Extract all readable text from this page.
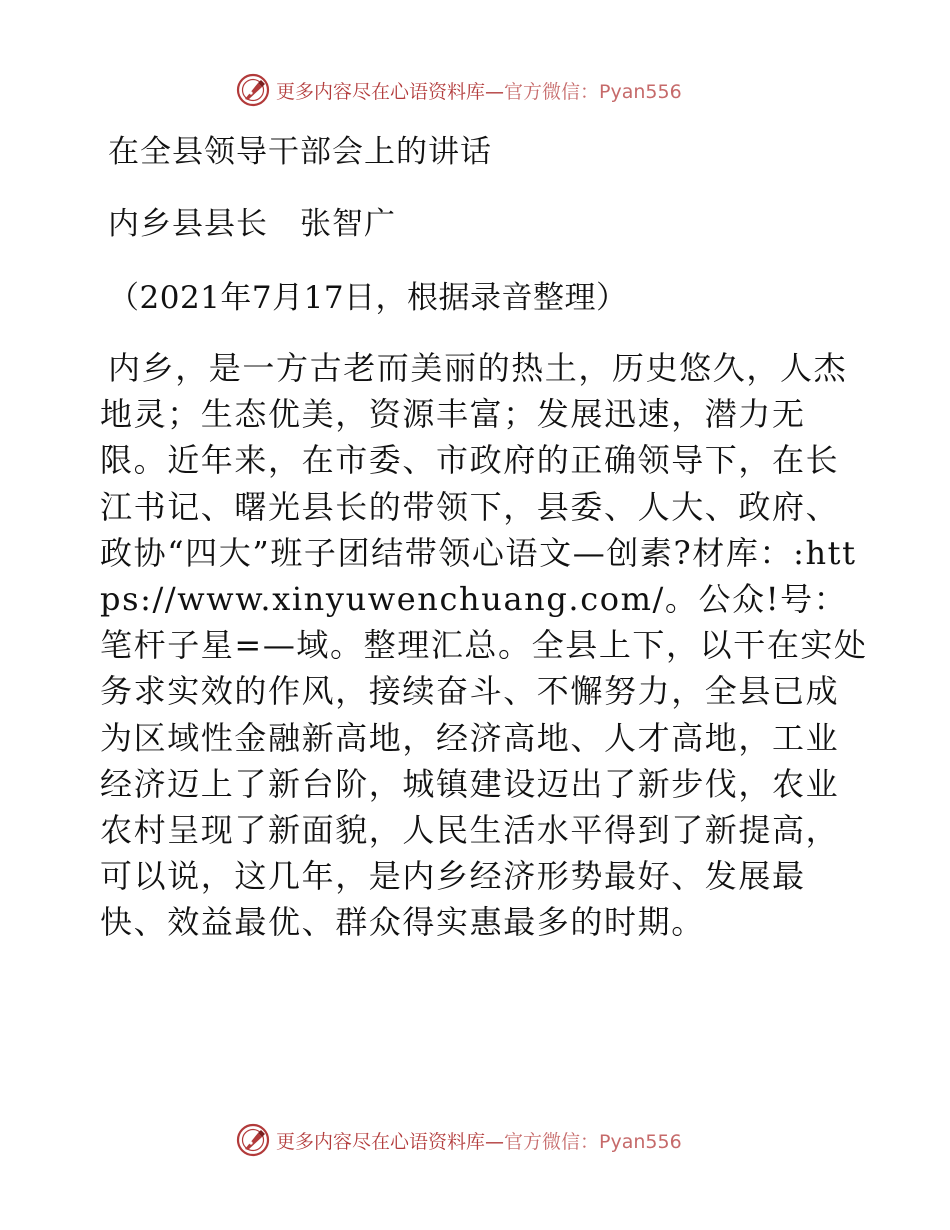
更多内容尽在心语资料库—官方微信：Pyan556
在全县领导干部会上的讲话
内乡县县长　张智广
（2021年7月17日，根据录音整理）

内乡，是一方古老而美丽的热土，历史悠久，人杰地灵；生态优美，资源丰富；发展迅速，潜力无限。近年来，在市委、市政府的正确领导下，在长江书记、曙光县长的带领下，县委、人大、政府、政协“四大”班子团结带领心语文—创素?材库：:https://www.xinyuwenchuang.com/。公众!号：笔杆子星=—域。整理汇总。全县上下，以干在实处务求实效的作风，接续奋斗、不懈努力，全县已成为区域性金融新高地，经济高地、人才高地，工业经济迈上了新台阶，城镇建设迈出了新步伐，农业农村呈现了新面貌，人民生活水平得到了新提高，可以说，这几年，是内乡经济形势最好、发展最快、效益最优、群众得实惠最多的时期。

更多内容尽在心语资料库—官方微信：Pyan556
